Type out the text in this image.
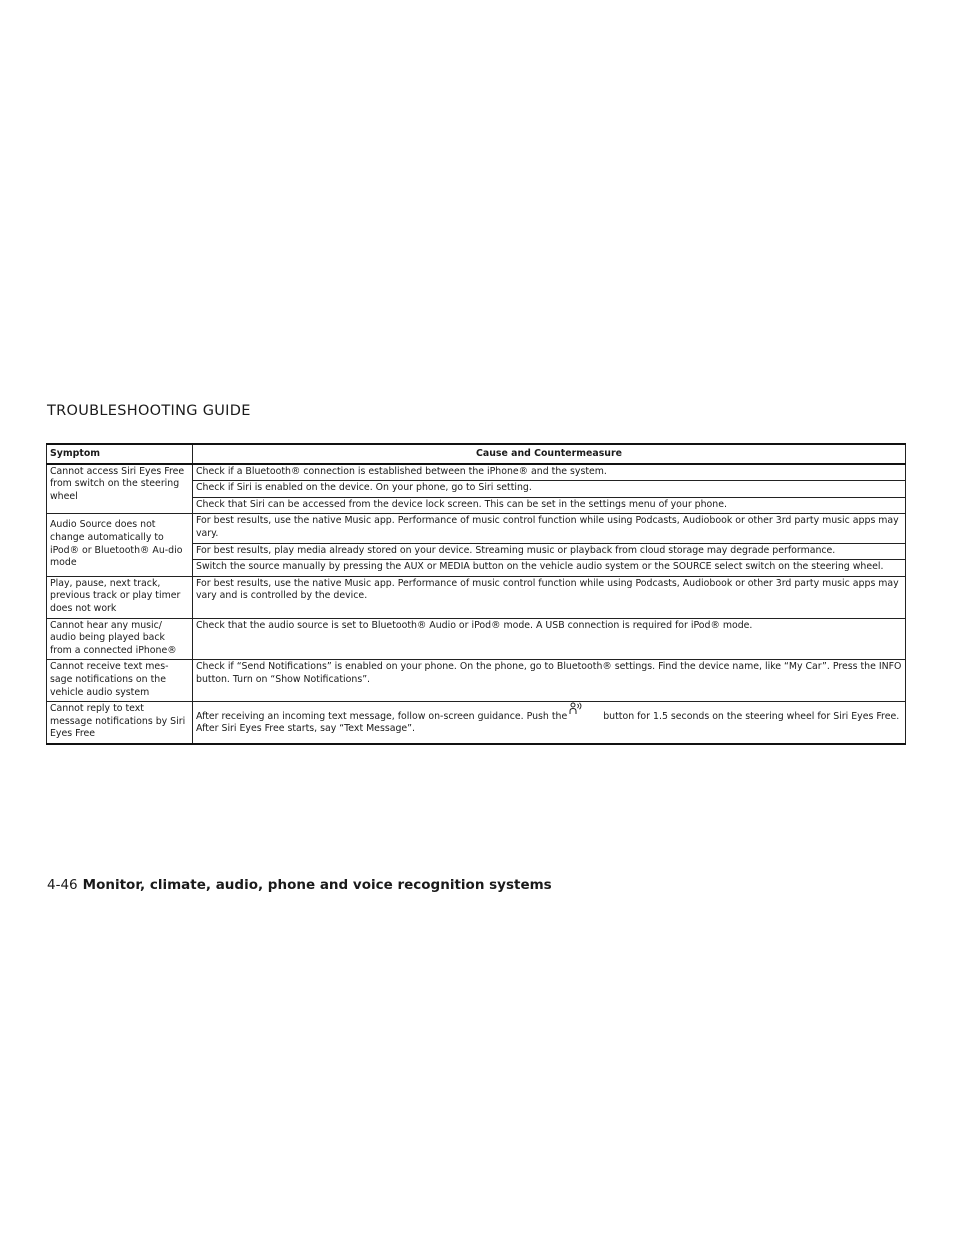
TROUBLESHOOTING GUIDE
Symptom	Cause and Countermeasure
Cannot access Siri Eyes Free from switch on the steering wheel	Check if a Bluetooth® connection is established between the iPhone® and the system.
	Check if Siri is enabled on the device. On your phone, go to Siri setting.
	Check that Siri can be accessed from the device lock screen. This can be set in the settings menu of your phone.
Audio Source does not change automatically to iPod® or Bluetooth® Au-dio mode	For best results, use the native Music app. Performance of music control function while using Podcasts, Audiobook or other 3rd party music apps may vary.
	For best results, play media already stored on your device. Streaming music or playback from cloud storage may degrade performance.
	Switch the source manually by pressing the AUX or MEDIA button on the vehicle audio system or the SOURCE select switch on the steering wheel.
Play, pause, next track, previous track or play timer does not work	For best results, use the native Music app. Performance of music control function while using Podcasts, Audiobook or other 3rd party music apps may vary and is controlled by the device.
Cannot hear any music/ audio being played back from a connected iPhone®	Check that the audio source is set to Bluetooth® Audio or iPod® mode. A USB connection is required for iPod® mode.
Cannot receive text mes-sage notifications on the vehicle audio system	Check if “Send Notifications” is enabled on your phone. On the phone, go to Bluetooth® settings. Find the device name, like “My Car”. Press the INFO button. Turn on “Show Notifications”.
Cannot reply to text message notifications by Siri Eyes Free	After receiving an incoming text message, follow on-screen guidance. Push the button for 1.5 seconds on the steering wheel for Siri Eyes Free. After Siri Eyes Free starts, say “Text Message”.
4-46 Monitor, climate, audio, phone and voice recognition systems
